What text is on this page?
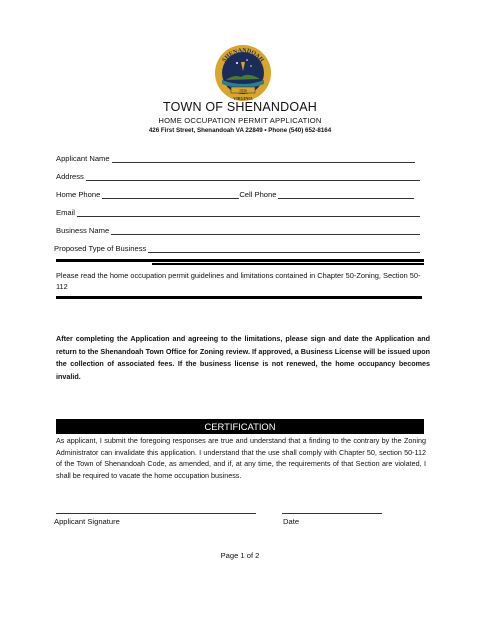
1836
SHENANDOAH
VIRGINIA
TOWN OF SHENANDOAH
HOME OCCUPATION PERMIT APPLICATION
426 First Street, Shenandoah VA 22849 • Phone (540) 652-8164
Applicant Name
Address
Home Phone	Cell Phone
Email
Business Name
Proposed Type of Business
Please read the home occupation permit guidelines and limitations contained in Chapter 50-Zoning, Section 50-112
After completing the Application and agreeing to the limitations, please sign and date the Application and return to the Shenandoah Town Office for Zoning review. If approved, a Business License will be issued upon the collection of associated fees. If the business license is not renewed, the home occupancy becomes invalid.
CERTIFICATION
As applicant, I submit the foregoing responses are true and understand that a finding to the contrary by the Zoning Administrator can invalidate this application. I understand that the use shall comply with Chapter 50, section 50-112 of the Town of Shenandoah Code, as amended, and if, at any time, the requirements of that Section are violated, I shall be required to vacate the home occupation business.
Applicant Signature	Date
Page 1 of 2
